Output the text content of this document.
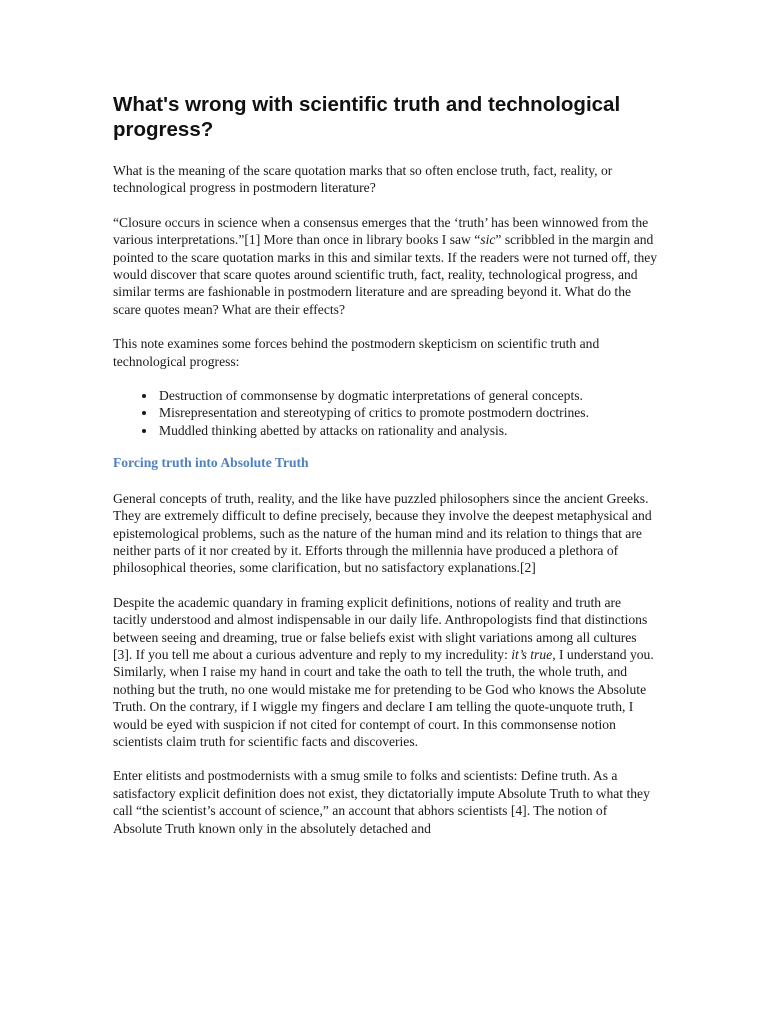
What's wrong with scientific truth and technological progress?

What is the meaning of the scare quotation marks that so often enclose truth, fact, reality, or technological progress in postmodern literature?

“Closure occurs in science when a consensus emerges that the ‘truth’ has been winnowed from the various interpretations.”[1] More than once in library books I saw “sic” scribbled in the margin and pointed to the scare quotation marks in this and similar texts. If the readers were not turned off, they would discover that scare quotes around scientific truth, fact, reality, technological progress, and similar terms are fashionable in postmodern literature and are spreading beyond it. What do the scare quotes mean? What are their effects?

This note examines some forces behind the postmodern skepticism on scientific truth and technological progress:

• Destruction of commonsense by dogmatic interpretations of general concepts.
• Misrepresentation and stereotyping of critics to promote postmodern doctrines.
• Muddled thinking abetted by attacks on rationality and analysis.
Forcing truth into Absolute Truth

General concepts of truth, reality, and the like have puzzled philosophers since the ancient Greeks. They are extremely difficult to define precisely, because they involve the deepest metaphysical and epistemological problems, such as the nature of the human mind and its relation to things that are neither parts of it nor created by it. Efforts through the millennia have produced a plethora of philosophical theories, some clarification, but no satisfactory explanations.[2]

Despite the academic quandary in framing explicit definitions, notions of reality and truth are tacitly understood and almost indispensable in our daily life. Anthropologists find that distinctions between seeing and dreaming, true or false beliefs exist with slight variations among all cultures [3]. If you tell me about a curious adventure and reply to my incredulity: it’s true, I understand you. Similarly, when I raise my hand in court and take the oath to tell the truth, the whole truth, and nothing but the truth, no one would mistake me for pretending to be God who knows the Absolute Truth. On the contrary, if I wiggle my fingers and declare I am telling the quote-unquote truth, I would be eyed with suspicion if not cited for contempt of court. In this commonsense notion scientists claim truth for scientific facts and discoveries.

Enter elitists and postmodernists with a smug smile to folks and scientists: Define truth. As a satisfactory explicit definition does not exist, they dictatorially impute Absolute Truth to what they call “the scientist’s account of science,” an account that abhors scientists [4]. The notion of Absolute Truth known only in the absolutely detached and
